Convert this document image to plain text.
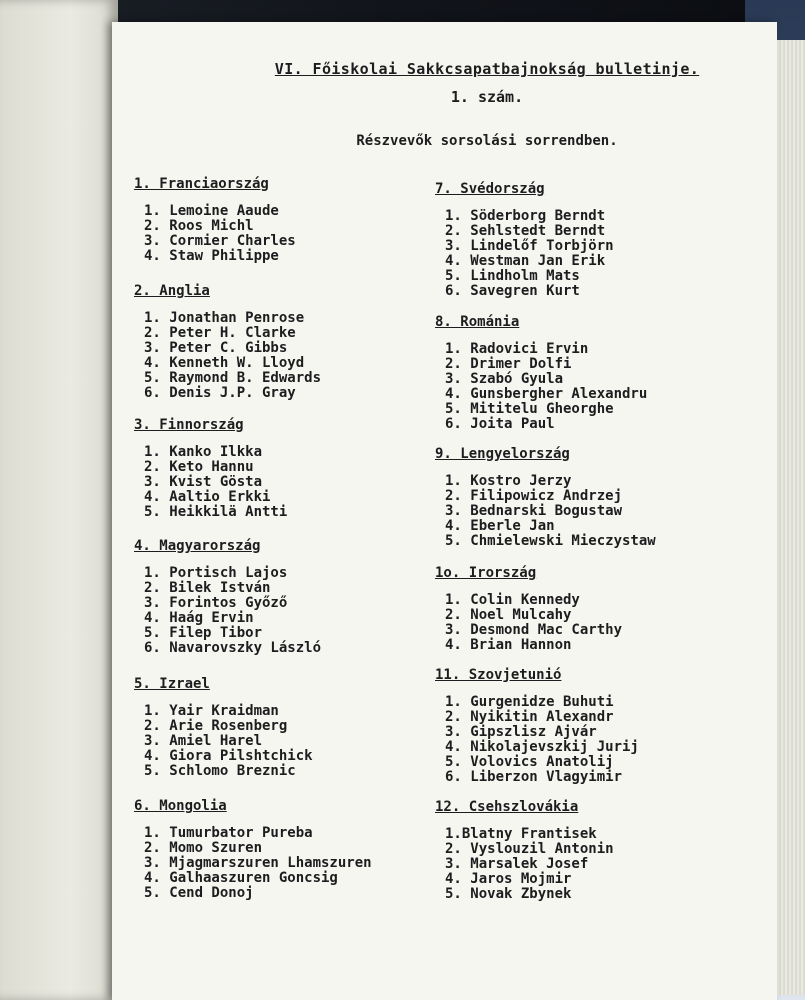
VI. Főiskolai Sakkcsapatbajnokság bulletinje.
1. szám.
Részvevők sorsolási sorrendben.
1. Franciaország
1. Lemoine Aaude
2. Roos Michl
3. Cormier Charles
4. Staw Philippe
2. Anglia
1. Jonathan Penrose
2. Peter H. Clarke
3. Peter C. Gibbs
4. Kenneth W. Lloyd
5. Raymond B. Edwards
6. Denis J.P. Gray
3. Finnország
1. Kanko Ilkka
2. Keto Hannu
3. Kvist Gösta
4. Aaltio Erkki
5. Heikkilä Antti
4. Magyarország
1. Portisch Lajos
2. Bilek István
3. Forintos Győző
4. Haág Ervin
5. Filep Tibor
6. Navarovszky László
5. Izrael
1. Yair Kraidman
2. Arie Rosenberg
3. Amiel Harel
4. Giora Pilshtchick
5. Schlomo Breznic
6. Mongolia
1. Tumurbator Pureba
2. Momo Szuren
3. Mjagmarszuren Lhamszuren
4. Galhaaszuren Goncsig
5. Cend Donoj
7. Svédország
1. Söderborg Berndt
2. Sehlstedt Berndt
3. Lindelőf Torbjörn
4. Westman Jan Erik
5. Lindholm Mats
6. Savegren Kurt
8. Románia
1. Radovici Ervin
2. Drimer Dolfi
3. Szabó Gyula
4. Gunsbergher Alexandru
5. Mititelu Gheorghe
6. Joita Paul
9. Lengyelország
1. Kostro Jerzy
2. Filipowicz Andrzej
3. Bednarski Bogustaw
4. Eberle Jan
5. Chmielewski Mieczystaw
1o. Irország
1. Colin Kennedy
2. Noel Mulcahy
3. Desmond Mac Carthy
4. Brian Hannon
11. Szovjetunió
1. Gurgenidze Buhuti
2. Nyikitin Alexandr
3. Gipszlisz Ajvár
4. Nikolajevszkij Jurij
5. Volovics Anatolij
6. Liberzon Vlagyimir
12. Csehszlovákia
1.Blatny Frantisek
2. Vyslouzil Antonin
3. Marsalek Josef
4. Jaros Mojmir
5. Novak Zbynek
